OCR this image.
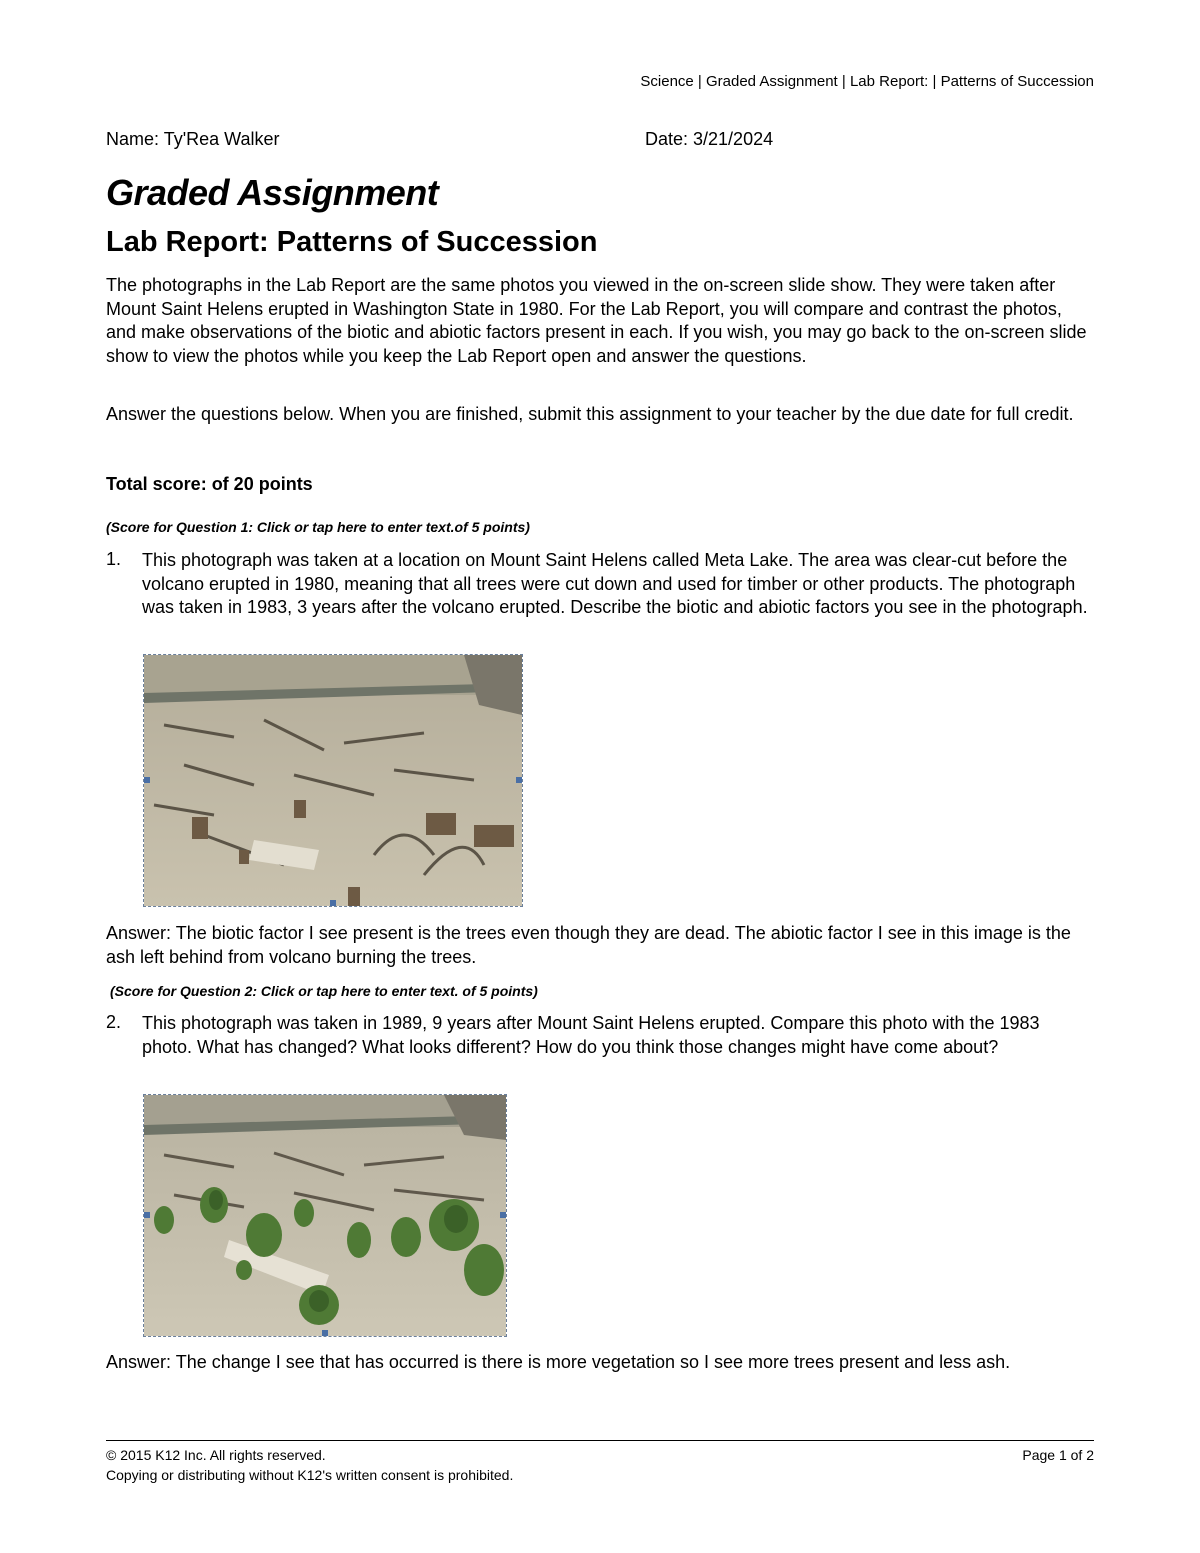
Science | Graded Assignment | Lab Report: | Patterns of Succession
Name: Ty'Rea Walker	Date: 3/21/2024
Graded Assignment
Lab Report: Patterns of Succession
The photographs in the Lab Report are the same photos you viewed in the on-screen slide show. They were taken after Mount Saint Helens erupted in Washington State in 1980. For the Lab Report, you will compare and contrast the photos, and make observations of the biotic and abiotic factors present in each. If you wish, you may go back to the on-screen slide show to view the photos while you keep the Lab Report open and answer the questions.
Answer the questions below. When you are finished, submit this assignment to your teacher by the due date for full credit.
Total score: of 20 points
(Score for Question 1: Click or tap here to enter text.of 5 points)
1. This photograph was taken at a location on Mount Saint Helens called Meta Lake. The area was clear-cut before the volcano erupted in 1980, meaning that all trees were cut down and used for timber or other products. The photograph was taken in 1983, 3 years after the volcano erupted. Describe the biotic and abiotic factors you see in the photograph.
Answer: The biotic factor I see present is the trees even though they are dead. The abiotic factor I see in this image is the ash left behind from volcano burning the trees.
(Score for Question 2: Click or tap here to enter text. of 5 points)
2. This photograph was taken in 1989, 9 years after Mount Saint Helens erupted. Compare this photo with the 1983 photo. What has changed? What looks different? How do you think those changes might have come about?
Answer: The change I see that has occurred is there is more vegetation so I see more trees present and less ash.
© 2015 K12 Inc. All rights reserved.
Copying or distributing without K12's written consent is prohibited.
Page 1 of 2
